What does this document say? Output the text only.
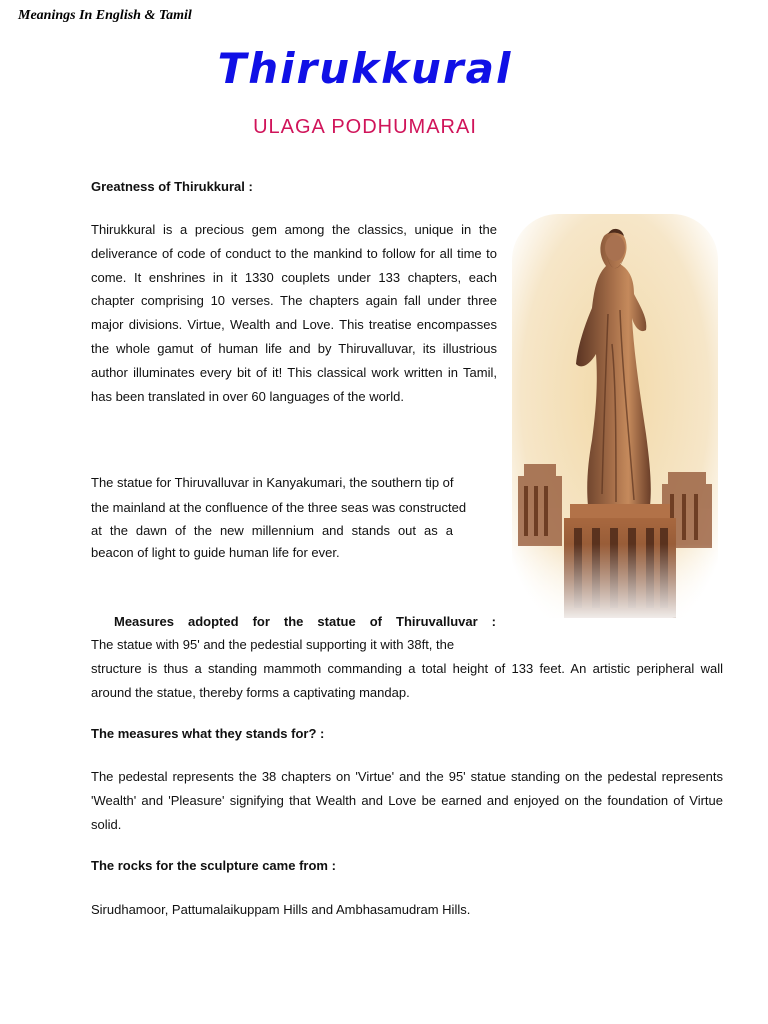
Meanings In English & Tamil
Thirukkural
ULAGA PODHUMARAI
Greatness of Thirukkural :
Thirukkural is a precious gem among the classics, unique in the deliverance of code of conduct to the mankind to follow for all time to come. It enshrines in it 1330 couplets under 133 chapters, each chapter comprising 10 verses. The chapters again fall under three major divisions. Virtue, Wealth and Love. This treatise encompasses the whole gamut of human life and by Thiruvalluvar, its illustrious author illuminates every bit of it! This classical work written in Tamil, has been translated in over 60 languages of the world.
The statue for Thiruvalluvar in Kanyakumari, the southern tip of
the mainland at the confluence of the three seas was constructed
at the dawn of the new millennium and stands out as a
beacon of light to guide human life for ever.
Measures adopted for the statue of Thiruvalluvar :
The statue with 95' and the pedestial supporting it with 38ft, the
structure is thus a standing mammoth commanding a total height of 133 feet. An artistic peripheral wall around the statue, thereby forms a captivating mandap.
The measures what they stands for? :
The pedestal represents the 38 chapters on 'Virtue' and the 95' statue standing on the pedestal represents 'Wealth' and 'Pleasure' signifying that Wealth and Love be earned and enjoyed on the foundation of Virtue solid.
The rocks for the sculpture came from :
Sirudhamoor, Pattumalaikuppam Hills and Ambhasamudram Hills.
